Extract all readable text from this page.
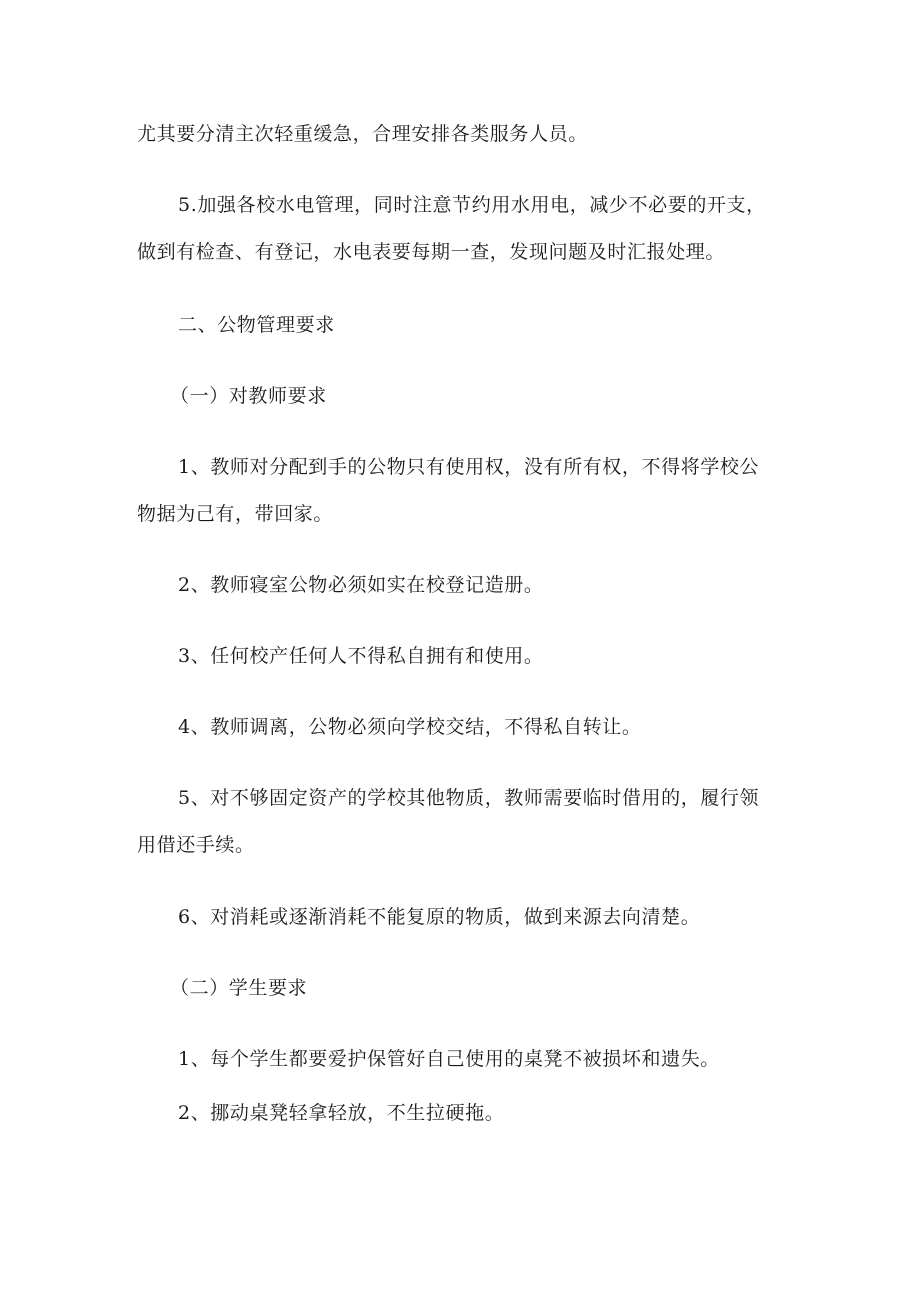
尤其要分清主次轻重缓急，合理安排各类服务人员。
5.加强各校水电管理，同时注意节约用水用电，减少不必要的开支，
做到有检查、有登记，水电表要每期一查，发现问题及时汇报处理。
二、公物管理要求
（一）对教师要求
1、教师对分配到手的公物只有使用权，没有所有权，不得将学校公
物据为己有，带回家。
2、教师寝室公物必须如实在校登记造册。
3、任何校产任何人不得私自拥有和使用。
4、教师调离，公物必须向学校交结，不得私自转让。
5、对不够固定资产的学校其他物质，教师需要临时借用的，履行领
用借还手续。
6、对消耗或逐渐消耗不能复原的物质，做到来源去向清楚。
（二）学生要求
1、每个学生都要爱护保管好自己使用的桌凳不被损坏和遗失。
2、挪动桌凳轻拿轻放，不生拉硬拖。
